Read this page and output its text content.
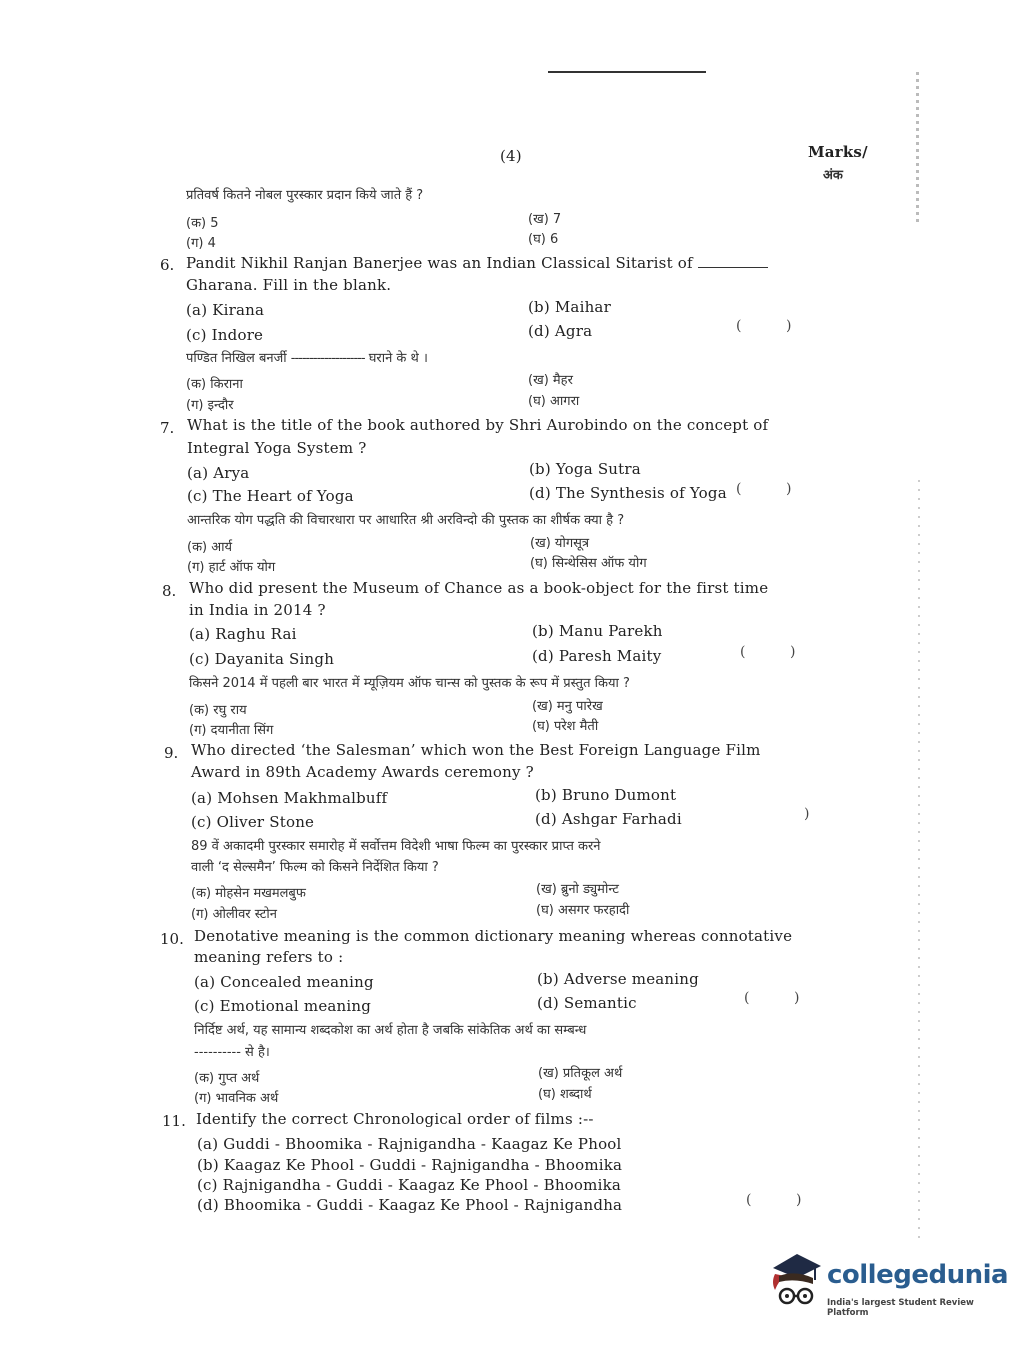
(4)	Marks/
अंक
प्रतिवर्ष कितने नोबल पुरस्कार प्रदान किये जाते हैं ?
(क) 5	(ख) 7
(ग) 4	(घ) 6
6. Pandit Nikhil Ranjan Banerjee was an Indian Classical Sitarist of
Gharana. Fill in the blank.
(a) Kirana	(b) Maihar
(c) Indore	(d) Agra	(          )
पण्डित निखिल बनर्जी -------------------- घराने के थे ।
(क) किराना	(ख) मैहर
(ग) इन्दौर	(घ) आगरा
7. What is the title of the book authored by Shri Aurobindo on the concept of
Integral Yoga System ?
(a) Arya	(b) Yoga Sutra
(c) The Heart of Yoga	(d) The Synthesis of Yoga (          )
आन्तरिक योग पद्धति की विचारधारा पर आधारित श्री अरविन्दो की पुस्तक का शीर्षक क्या है ?
(क) आर्य	(ख) योगसूत्र
(ग) हार्ट ऑफ योग	(घ) सिन्थेसिस ऑफ योग
8. Who did present the Museum of Chance as a book-object for the first time
in India in 2014 ?
(a) Raghu Rai	(b) Manu Parekh
(c) Dayanita Singh	(d) Paresh Maity	(          )
किसने 2014 में पहली बार भारत में म्यूज़ियम ऑफ चान्स को पुस्तक के रूप में प्रस्तुत किया ?
(क) रघु राय	(ख) मनु पारेख
(ग) दयानीता सिंग	(घ) परेश मैती
9. Who directed ‘the Salesman’ which won the Best Foreign Language Film
Award in 89th Academy Awards ceremony ?
(a) Mohsen Makhmalbuff	(b) Bruno Dumont
(c) Oliver Stone	(d) Ashgar Farhadi	)
89 वें अकादमी पुरस्कार समारोह में सर्वोत्तम विदेशी भाषा फिल्म का पुरस्कार प्राप्त करने
वाली ‘द सेल्समैन’ फिल्म को किसने निर्देशित किया ?
(क) मोहसेन मखमलबुफ	(ख) ब्रुनो ड्युमोन्ट
(ग) ओलीवर स्टोन	(घ) असगर फरहादी
10. Denotative meaning is the common dictionary meaning whereas connotative
meaning refers to :
(a) Concealed meaning	(b) Adverse meaning
(c) Emotional meaning	(d) Semantic	(          )
निर्दिष्ट अर्थ, यह सामान्य शब्दकोश का अर्थ होता है जबकि सांकेतिक अर्थ का सम्बन्ध
---------- से है।
(क) गुप्त अर्थ	(ख) प्रतिकूल अर्थ
(ग) भावनिक अर्थ	(घ) शब्दार्थ
11. Identify the correct Chronological order of films :--
(a) Guddi - Bhoomika - Rajnigandha - Kaagaz Ke Phool
(b) Kaagaz Ke Phool - Guddi - Rajnigandha - Bhoomika
(c) Rajnigandha - Guddi - Kaagaz Ke Phool - Bhoomika
(d) Bhoomika - Guddi - Kaagaz Ke Phool - Rajnigandha	(          )
collegedunia
India's largest Student Review Platform
